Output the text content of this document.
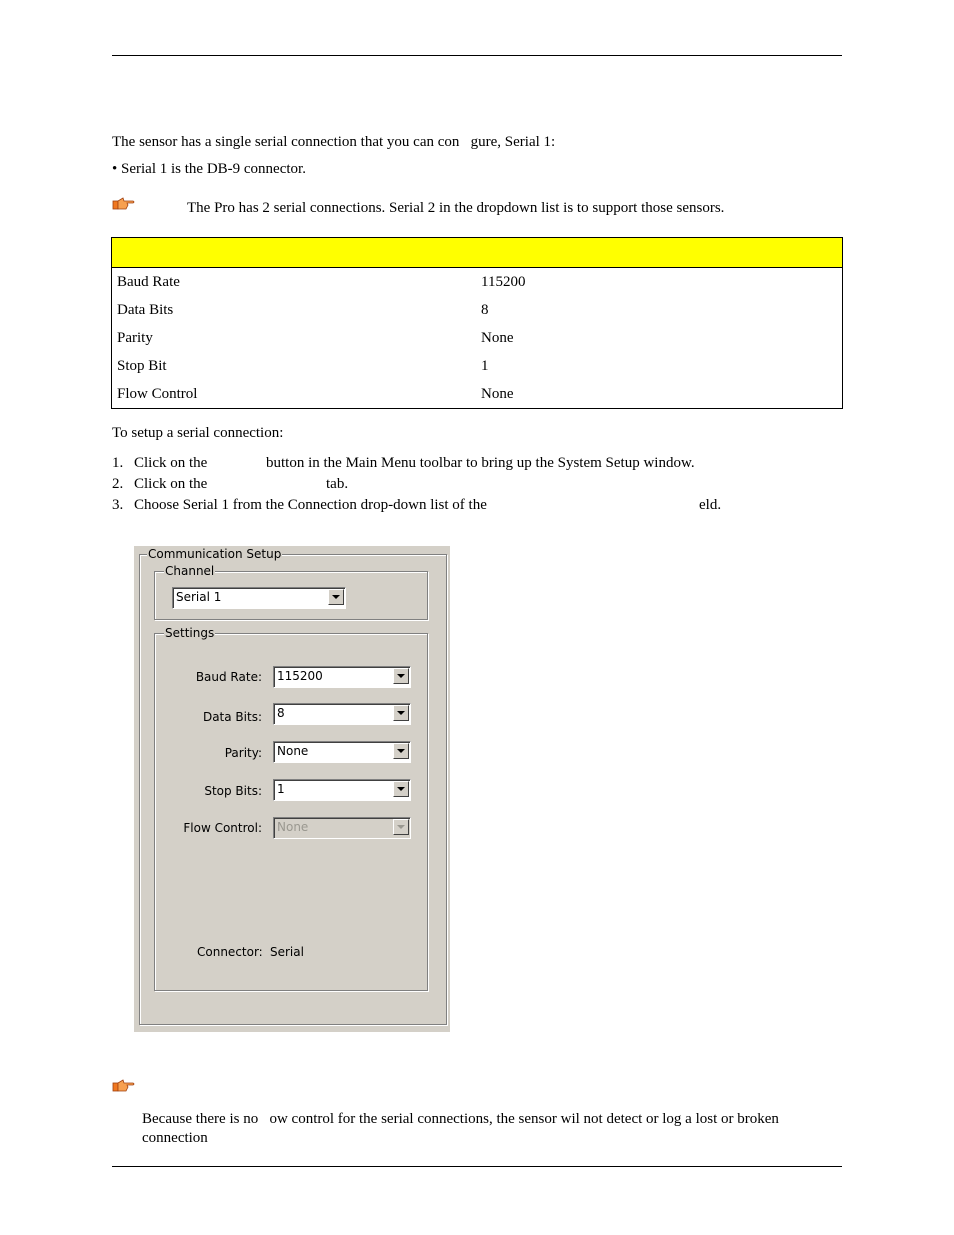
The sensor has a single serial connection that you can con  gure, Serial 1:
• Serial 1 is the DB-9 connector.
The Pro has 2 serial connections. Serial 2 in the dropdown list is to support those sensors.
Baud Rate	115200
Data Bits	8
Parity	None
Stop Bit	1
Flow Control	None
To setup a serial connection:
1. Click on the	button in the Main Menu toolbar to bring up the System Setup window.
2. Click on the	tab.
3. Choose Serial 1 from the Connection drop-down list of the	eld.
Communication Setup
Channel
Serial 1
Settings
Baud Rate: 115200
Data Bits: 8
Parity: None
Stop Bits: 1
Flow Control: None
Connector: Serial
Because there is no  ow control for the serial connections, the sensor wil not detect or log a lost or broken
connection
